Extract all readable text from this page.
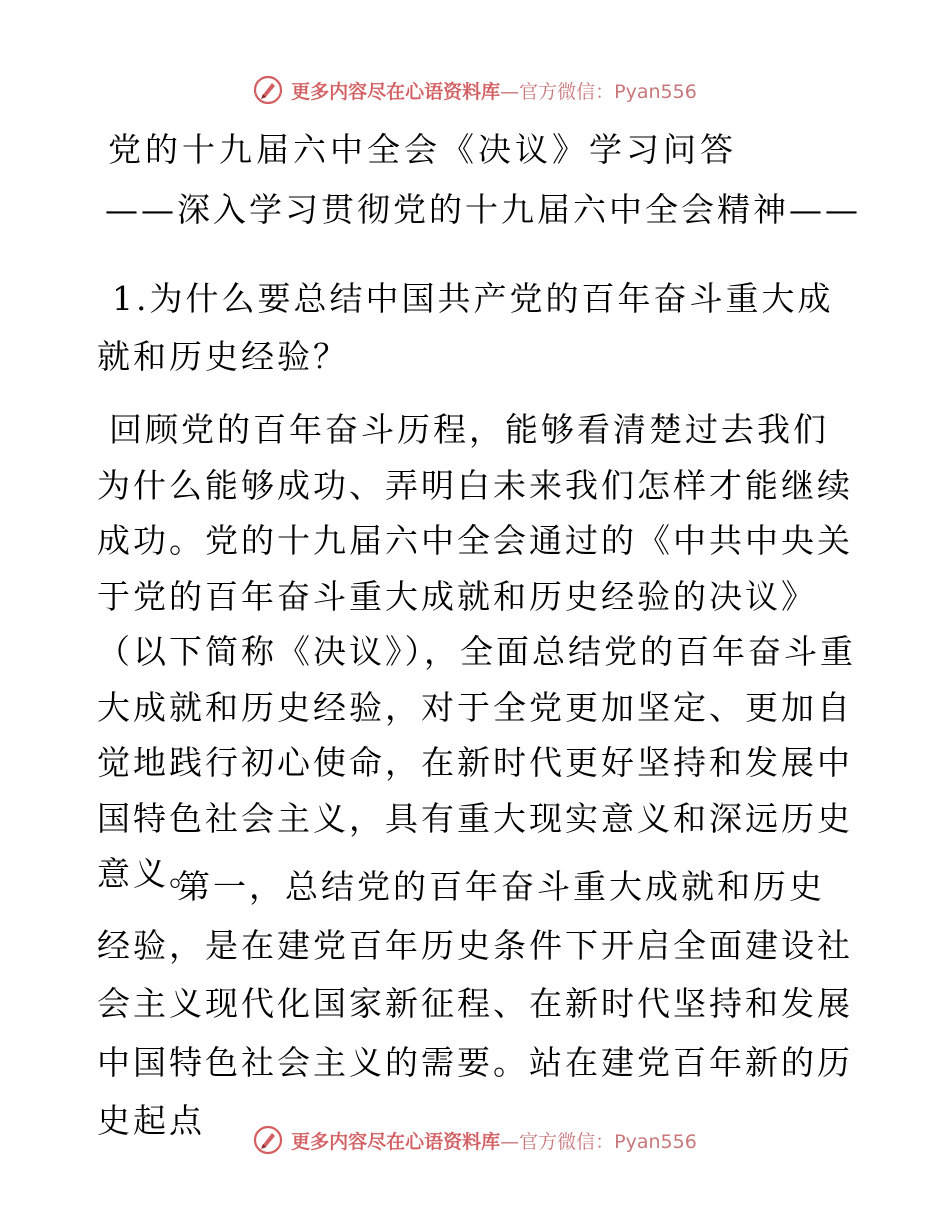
更多内容尽在心语资料库—官方微信：Pyan556

党的十九届六中全会《决议》学习问答

——深入学习贯彻党的十九届六中全会精神——

1.为什么要总结中国共产党的百年奋斗重大成就和历史经验？

回顾党的百年奋斗历程，能够看清楚过去我们为什么能够成功、弄明白未来我们怎样才能继续成功。党的十九届六中全会通过的《中共中央关于党的百年奋斗重大成就和历史经验的决议》（以下简称《决议》），全面总结党的百年奋斗重大成就和历史经验，对于全党更加坚定、更加自觉地践行初心使命，在新时代更好坚持和发展中国特色社会主义，具有重大现实意义和深远历史意义。

第一，总结党的百年奋斗重大成就和历史经验，是在建党百年历史条件下开启全面建设社会主义现代化国家新征程、在新时代坚持和发展中国特色社会主义的需要。站在建党百年新的历史起点

更多内容尽在心语资料库—官方微信：Pyan556
